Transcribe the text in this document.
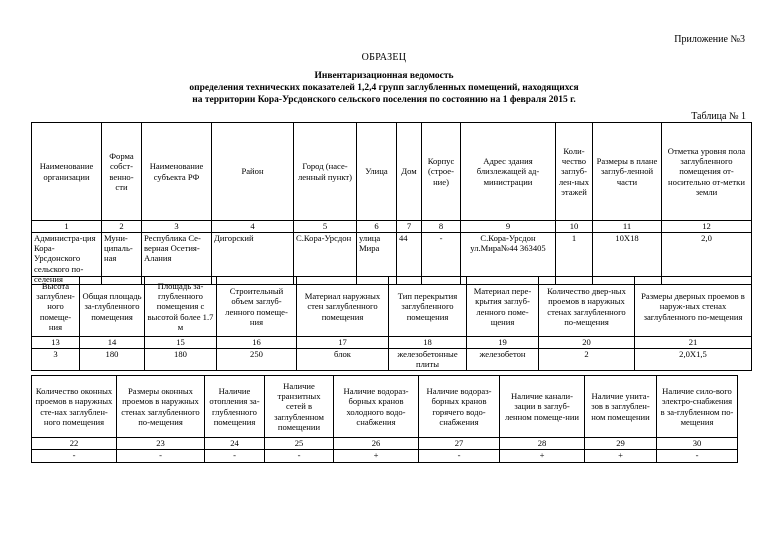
Приложение №3
ОБРАЗЕЦ
Инвентаризационная ведомость
определения технических показателей 1,2,4 групп заглубленных помещений, находящихся
на территории Кора-Урсдонского сельского поселения по состоянию на 1 февраля 2015 г.
Таблица № 1
Наименование организации	Форма собст-венно-сти	Наименование субъекта РФ	Район	Город (насе-ленный пункт)	Улица	Дом	Корпус (строе-ние)	Адрес здания близлежащей ад-министрации	Коли-чество заглуб-лен-ных этажей	Размеры в плане заглуб-ленной части	Отметка уровня пола заглубленного помещения от-носительно от-метки земли
1	2	3	4	5	6	7	8	9	10	11	12
Администра-ция Кора-Урсдонского сельского по-селения	Муни-ципаль-ная	Республика Се-верная Осетия-Алания	Дигорский	С.Кора-Урсдон	улица Мира	44	-	С.Кора-Урсдон ул.Мира№44 363405	1	10Х18	2,0
Высота заглублен-ного помеще-ния	Общая площадь за-глубленного помещения	Площадь за-глубленного помещения с высотой более 1.7 м	Строительный объем заглуб-ленного помеще-ния	Материал наружных стен заглубленного помещения	Тип перекрытия заглубленного помещения	Материал пере-крытия заглуб-ленного поме-щения	Количество двер-ных проемов в наружных стенах заглубленного по-мещения	Размеры дверных проемов в наруж-ных стенах заглубленного по-мещения
13	14	15	16	17	18	19	20	21
3	180	180	250	блок	железобетонные плиты	железобетон	2	2,0Х1,5
Количество оконных проемов в наружных сте-нах заглублен-ного помещения	Размеры оконных проемов в наружных стенах заглубленного по-мещения	Наличие отопления за-глубленного помещения	Наличие транзитных сетей в заглубленном помещении	Наличие водораз-борных кранов холодного водо-снабжения	Наличие водораз-борных кранов горячего водо-снабжения	Наличие канали-зации в заглуб-ленном помеще-нии	Наличие унита-зов в заглублен-ном помещении	Наличие сило-вого электро-снабжения в за-глубленном по-мещения
22	23	24	25	26	27	28	29	30
-	-	-	-	+	-	+	+	-
